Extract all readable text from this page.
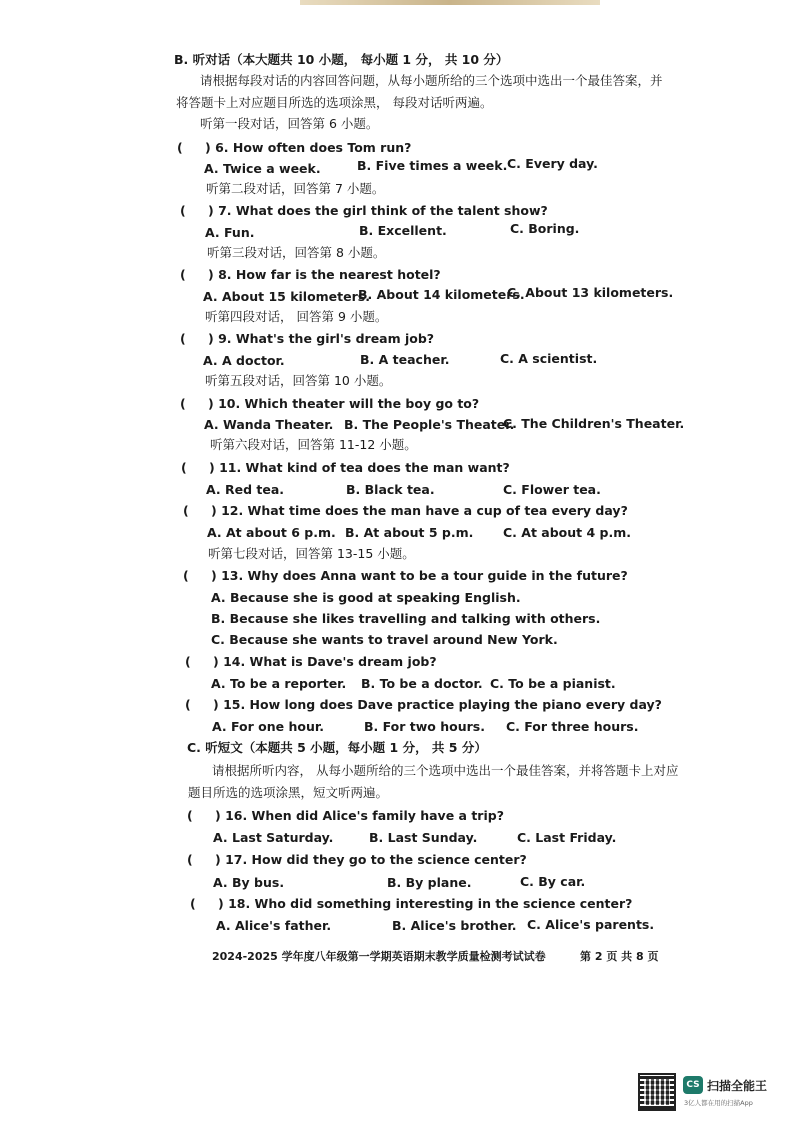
B. 听对话（本大题共 10 小题， 每小题 1 分， 共 10 分）
请根据每段对话的内容回答问题，从每小题所给的三个选项中选出一个最佳答案，并
将答题卡上对应题目所选的选项涂黑， 每段对话听两遍。
听第一段对话，回答第 6 小题。
( ) 6. How often does Tom run?
A. Twice a week.	B. Five times a week. C. Every day.
听第二段对话，回答第 7 小题。
( ) 7. What does the girl think of the talent show?
A. Fun.	B. Excellent.	C. Boring.
听第三段对话，回答第 8 小题。
( ) 8. How far is the nearest hotel?
A. About 15 kilometers.
B. About 14 kilometers.
C. About 13 kilometers.
听第四段对话， 回答第 9 小题。
( ) 9. What's the girl's dream job?
A. A doctor.	B. A teacher.	C. A scientist.
听第五段对话，回答第 10 小题。
( ) 10. Which theater will the boy go to?
A. Wanda Theater. B. The People's Theater.
C. The Children's Theater.
听第六段对话，回答第 11-12 小题。
( ) 11. What kind of tea does the man want?
A. Red tea.	B. Black tea.	C. Flower tea.
( ) 12. What time does the man have a cup of tea every day?
A. At about 6 p.m. B. At about 5 p.m. C. At about 4 p.m.
听第七段对话，回答第 13-15 小题。
( ) 13. Why does Anna want to be a tour guide in the future?
A. Because she is good at speaking English.
B. Because she likes travelling and talking with others.
C. Because she wants to travel around New York.
( ) 14. What is Dave's dream job?
A. To be a reporter. B. To be a doctor. C. To be a pianist.
( ) 15. How long does Dave practice playing the piano every day?
A. For one hour.	B. For two hours. C. For three hours.
C. 听短文（本题共 5 小题，每小题 1 分， 共 5 分）
请根据所听内容， 从每小题所给的三个选项中选出一个最佳答案，并将答题卡上对应
题目所选的选项涂黑，短文听两遍。
( ) 16. When did Alice's family have a trip?
A. Last Saturday.	B. Last Sunday.	C. Last Friday.
( ) 17. How did they go to the science center?
A. By bus.	B. By plane.	C. By car.
( ) 18. Who did something interesting in the science center?
A. Alice's father.	B. Alice's brother. C. Alice's parents.
2024-2025 学年度八年级第一学期英语期末教学质量检测考试试卷	第 2 页 共 8 页
CS 扫描全能王
3亿人都在用的扫描App
